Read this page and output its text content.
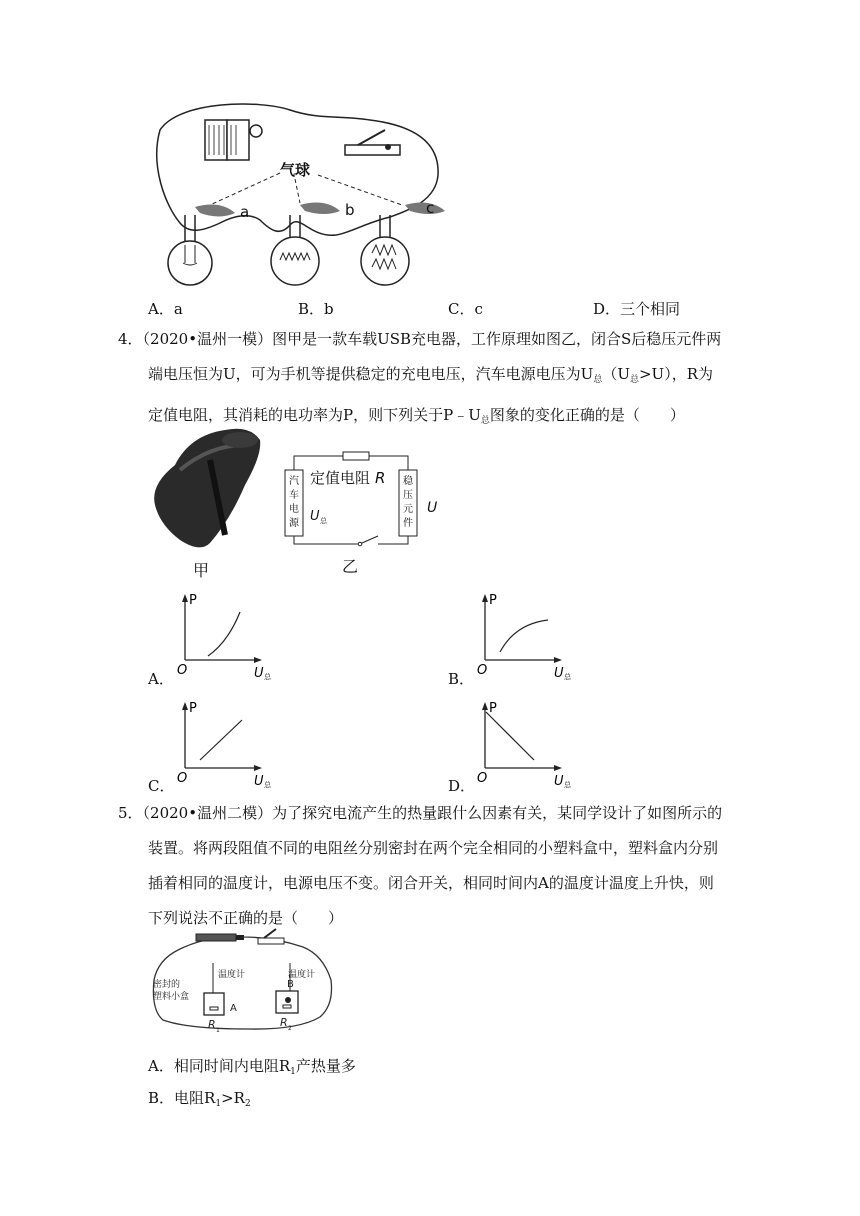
气球
a	b	c
A．a	B．b	C．c	D．三个相同
4．（2020•温州一模）图甲是一款车载USB充电器，工作原理如图乙，闭合S后稳压元件两
端电压恒为U，可为手机等提供稳定的充电电压，汽车电源电压为$U_总(U_总>U)$，R为
定值电阻，其消耗的电功率为P，则下列关于$P﹣U_总$图象的变化正确的是（　　）
甲
定值电阻 R
汽
车
电
源
稳
压
元
件
U 总
U
乙
P
O	U 总
A．
P
O	U 总
B．
P
O	U 总
C．
P
O	U 总
D．
5．（2020•温州二模）为了探究电流产生的热量跟什么因素有关，某同学设计了如图所示的
装置。将两段阻值不同的电阻丝分别密封在两个完全相同的小塑料盒中，塑料盒内分别
插着相同的温度计，电源电压不变。闭合开关，相同时间内A的温度计温度上升快，则
下列说法不正确的是（　　）
密封的
塑料小盒
温度计	温度计
A
B
R 1
R 2
A．相同时间内电阻$R_1$产热量多
B．电阻$R_1>R_2$
